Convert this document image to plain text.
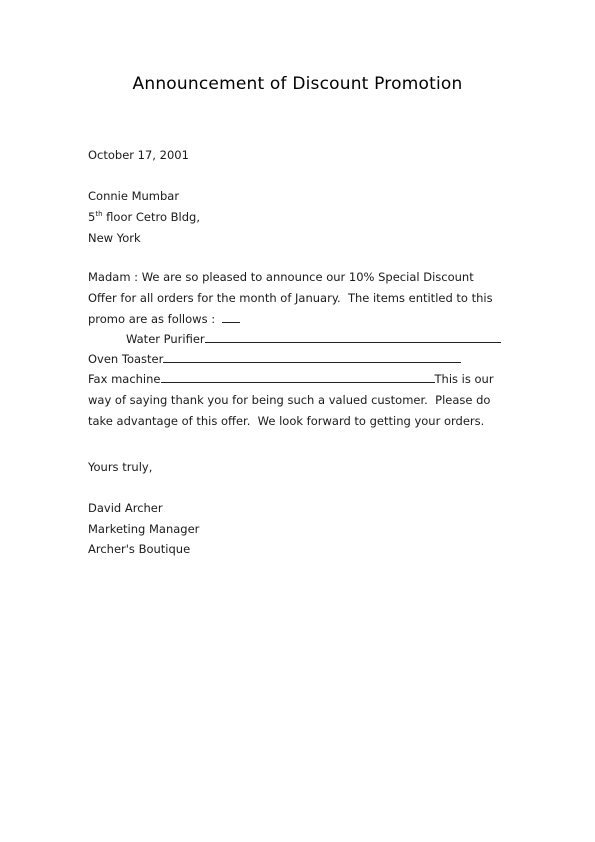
Announcement of Discount Promotion
October 17, 2001
Connie Mumbar
5th floor Cetro Bldg,
New York
Madam : We are so pleased to announce our 10% Special Discount
Offer for all orders for the month of January.  The items entitled to this
promo are as follows :
Water Purifier
Oven Toaster
Fax machine	This is our
way of saying thank you for being such a valued customer.  Please do
take advantage of this offer.  We look forward to getting your orders.
Yours truly,
David Archer
Marketing Manager
Archer's Boutique
